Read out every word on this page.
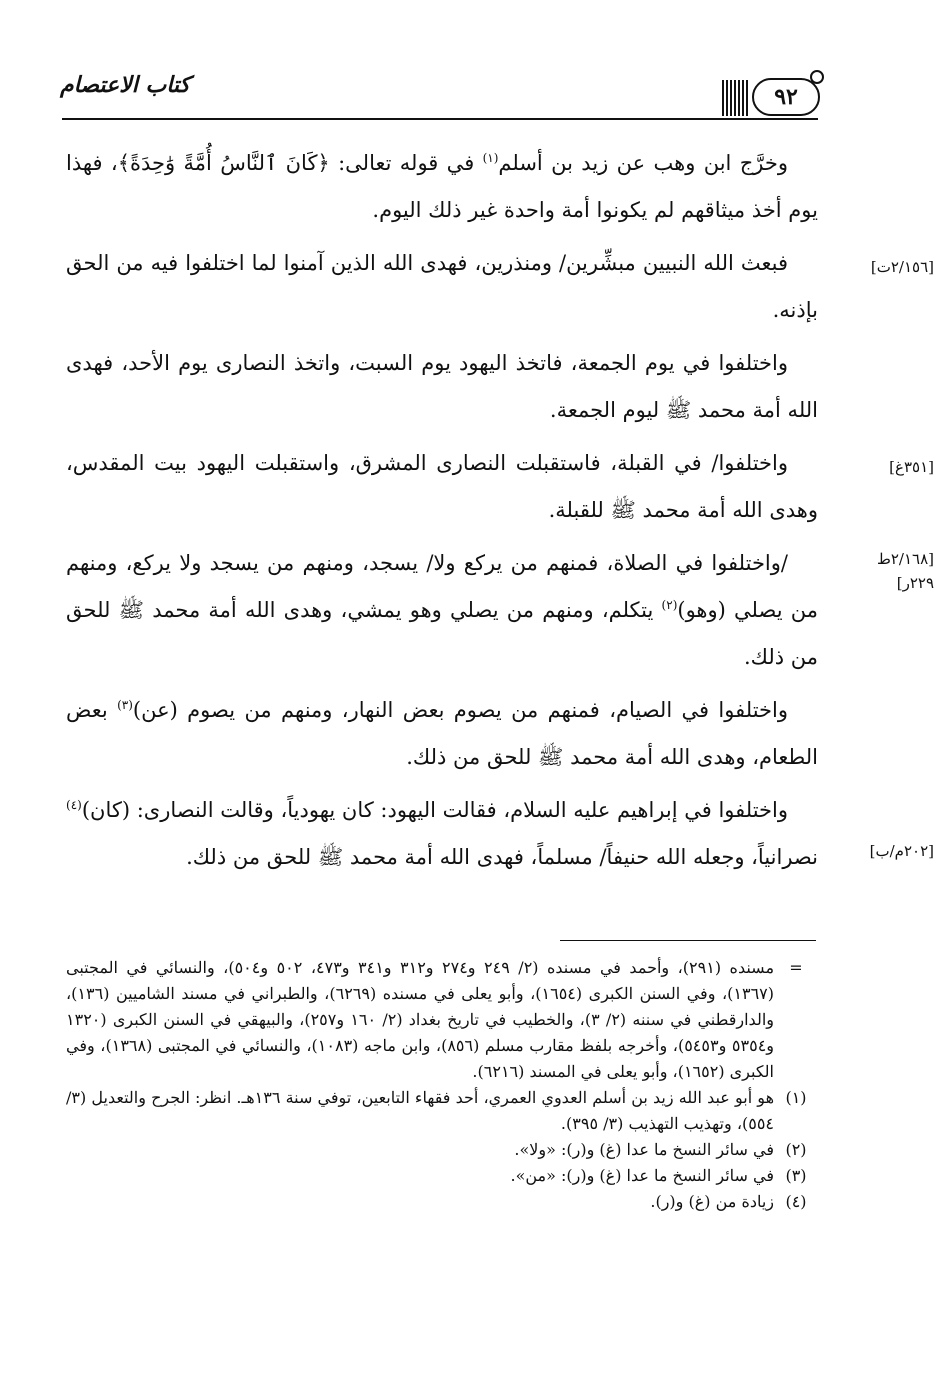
كتاب الاعتصام	٩٢
[٢/١٥٦ت]
[٣٥١غ]
[٢/١٦٨ط
٢٢٩ر]
[٢٠٢م/ب]

وخرَّج ابن وهب عن زيد بن أسلم$^{(١)}$ في قوله تعالى: ﴿كَانَ ٱلنَّاسُ أُمَّةً وَٰحِدَةً﴾، فهذا يوم أخذ ميثاقهم لم يكونوا أمة واحدة غير ذلك اليوم.

فبعث الله النبيين مبشِّرين/ ومنذرين، فهدى الله الذين آمنوا لما اختلفوا فيه من الحق بإذنه.

واختلفوا في يوم الجمعة، فاتخذ اليهود يوم السبت، واتخذ النصارى يوم الأحد، فهدى الله أمة محمد ﷺ ليوم الجمعة.

واختلفوا/ في القبلة، فاستقبلت النصارى المشرق، واستقبلت اليهود بيت المقدس، وهدى الله أمة محمد ﷺ للقبلة.

/واختلفوا في الصلاة، فمنهم من يركع ولا/ يسجد، ومنهم من يسجد ولا يركع، ومنهم من يصلي (وهو)$^{(٢)}$ يتكلم، ومنهم من يصلي وهو يمشي، وهدى الله أمة محمد ﷺ للحق من ذلك.

واختلفوا في الصيام، فمنهم من يصوم بعض النهار، ومنهم من يصوم (عن)$^{(٣)}$ بعض الطعام، وهدى الله أمة محمد ﷺ للحق من ذلك.

واختلفوا في إبراهيم عليه السلام، فقالت اليهود: كان يهودياً، وقالت النصارى: (كان)$^{(٤)}$ نصرانياً، وجعله الله حنيفاً/ مسلماً، فهدى الله أمة محمد ﷺ للحق من ذلك.

=
مسنده (٢٩١)، وأحمد في مسنده (٢/ ٢٤٩ و٢٧٤ و٣١٢ و٣٤١ و٤٧٣، ٥٠٢ و٥٠٤)، والنسائي في المجتبى (١٣٦٧)، وفي السنن الكبرى (١٦٥٤)، وأبو يعلى في مسنده (٦٢٦٩)، والطبراني في مسند الشاميين (١٣٦)، والدارقطني في سننه (٢/ ٣)، والخطيب في تاريخ بغداد (٢/ ١٦٠ و٢٥٧)، والبيهقي في السنن الكبرى (١٣٢٠ و٥٣٥٤ و٥٤٥٣)، وأخرجه بلفظ مقارب مسلم (٨٥٦)، وابن ماجه (١٠٨٣)، والنسائي في المجتبى (١٣٦٨)، وفي الكبرى (١٦٥٢)، وأبو يعلى في المسند (٦٢١٦).
(١)
هو أبو عبد الله زيد بن أسلم العدوي العمري، أحد فقهاء التابعين، توفي سنة ١٣٦هـ. انظر: الجرح والتعديل (٣/ ٥٥٤)، وتهذيب التهذيب (٣/ ٣٩٥).
(٢)
في سائر النسخ ما عدا (غ) و(ر): «ولا».
(٣)
في سائر النسخ ما عدا (غ) و(ر): «من».
(٤)
زيادة من (غ) و(ر).
